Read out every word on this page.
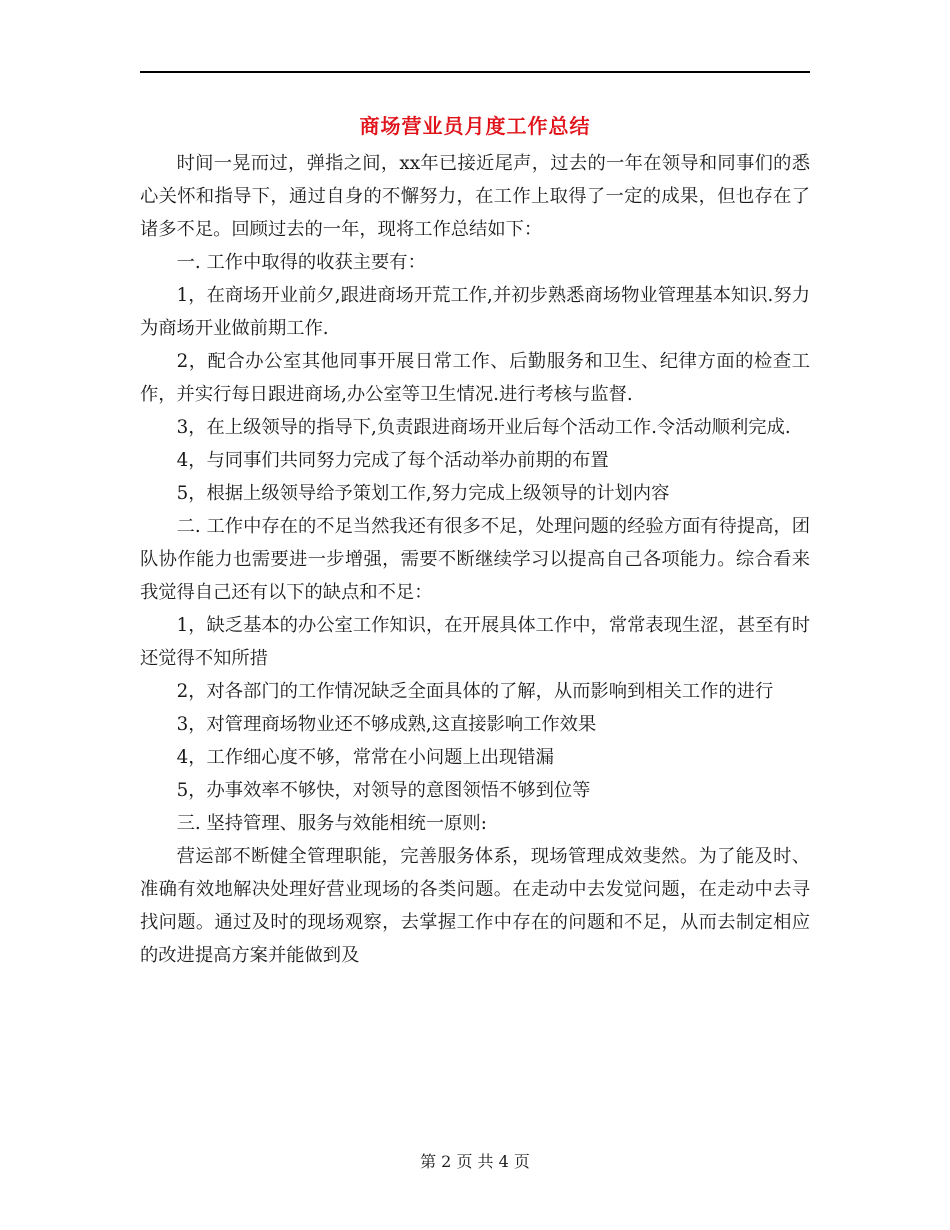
商场营业员月度工作总结

时间一晃而过，弹指之间，xx年已接近尾声，过去的一年在领导和同事们的悉心关怀和指导下，通过自身的不懈努力，在工作上取得了一定的成果，但也存在了诸多不足。回顾过去的一年，现将工作总结如下：

一. 工作中取得的收获主要有：

1，在商场开业前夕,跟进商场开荒工作,并初步熟悉商场物业管理基本知识.努力为商场开业做前期工作.

2，配合办公室其他同事开展日常工作、后勤服务和卫生、纪律方面的检查工作，并实行每日跟进商场,办公室等卫生情况.进行考核与监督.

3，在上级领导的指导下,负责跟进商场开业后每个活动工作.令活动顺利完成.

4，与同事们共同努力完成了每个活动举办前期的布置

5，根据上级领导给予策划工作,努力完成上级领导的计划内容

二. 工作中存在的不足当然我还有很多不足，处理问题的经验方面有待提高，团队协作能力也需要进一步增强，需要不断继续学习以提高自己各项能力。综合看来我觉得自己还有以下的缺点和不足：

1，缺乏基本的办公室工作知识，在开展具体工作中，常常表现生涩，甚至有时还觉得不知所措

2，对各部门的工作情况缺乏全面具体的了解，从而影响到相关工作的进行

3，对管理商场物业还不够成熟,这直接影响工作效果

4，工作细心度不够，常常在小问题上出现错漏

5，办事效率不够快，对领导的意图领悟不够到位等

三. 坚持管理、服务与效能相统一原则:

营运部不断健全管理职能，完善服务体系，现场管理成效斐然。为了能及时、准确有效地解决处理好营业现场的各类问题。在走动中去发觉问题，在走动中去寻找问题。通过及时的现场观察，去掌握工作中存在的问题和不足，从而去制定相应的改进提高方案并能做到及

第 2 页 共 4 页
